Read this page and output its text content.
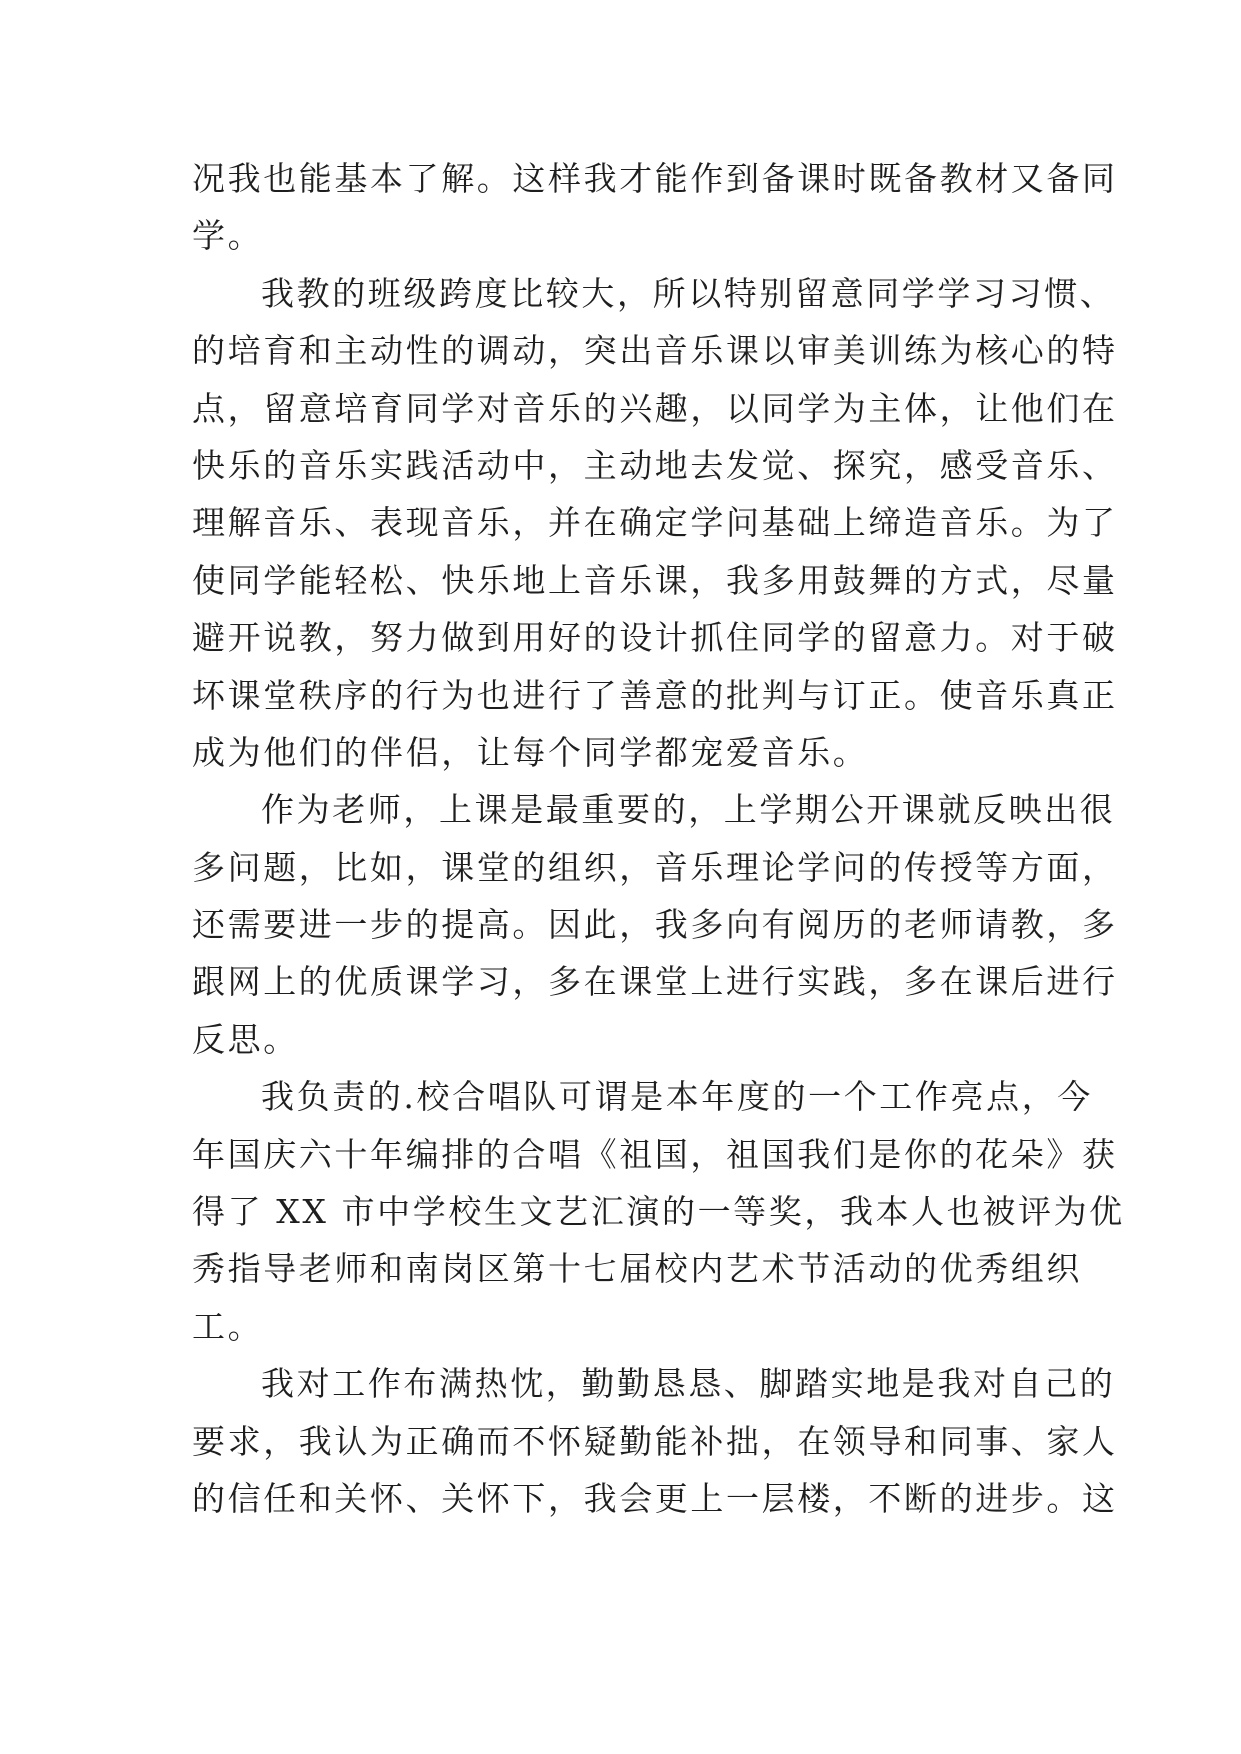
况我也能基本了解。这样我才能作到备课时既备教材又备同
学。
我教的班级跨度比较大，所以特别留意同学学习习惯、
的培育和主动性的调动，突出音乐课以审美训练为核心的特
点，留意培育同学对音乐的兴趣，以同学为主体，让他们在
快乐的音乐实践活动中，主动地去发觉、探究，感受音乐、
理解音乐、表现音乐，并在确定学问基础上缔造音乐。为了
使同学能轻松、快乐地上音乐课，我多用鼓舞的方式，尽量
避开说教，努力做到用好的设计抓住同学的留意力。对于破
坏课堂秩序的行为也进行了善意的批判与订正。使音乐真正
成为他们的伴侣，让每个同学都宠爱音乐。
作为老师，上课是最重要的，上学期公开课就反映出很
多问题，比如，课堂的组织，音乐理论学问的传授等方面，
还需要进一步的提高。因此，我多向有阅历的老师请教，多
跟网上的优质课学习，多在课堂上进行实践，多在课后进行
反思。
我负责的.校合唱队可谓是本年度的一个工作亮点，今
年国庆六十年编排的合唱《祖国，祖国我们是你的花朵》获
得了 XX 市中学校生文艺汇演的一等奖，我本人也被评为优
秀指导老师和南岗区第十七届校内艺术节活动的优秀组织
工。
我对工作布满热忱，勤勤恳恳、脚踏实地是我对自己的
要求，我认为正确而不怀疑勤能补拙，在领导和同事、家人
的信任和关怀、关怀下，我会更上一层楼，不断的进步。这
